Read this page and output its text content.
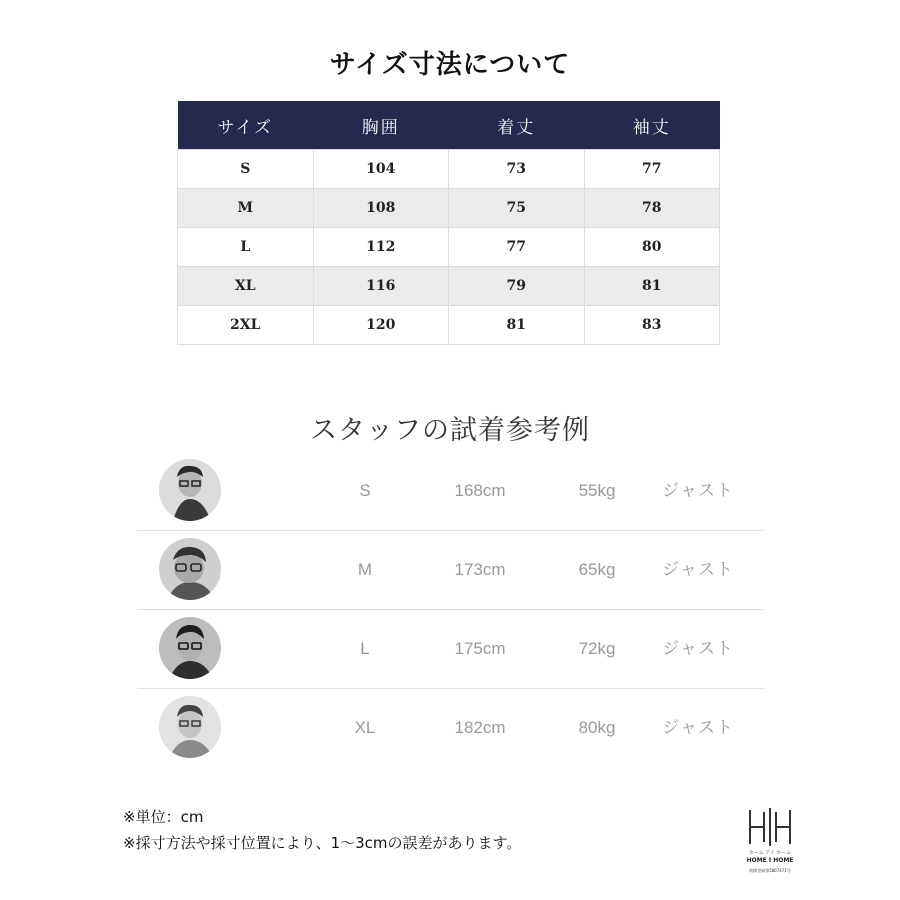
サイズ寸法について
サイズ	胸囲	着丈	袖丈
S	104	73	77
M	108	75	78
L	112	77	80
XL	116	79	81
2XL	120	81	83
スタッフの試着参考例
S	168cm	55kg	ジャスト
M	173cm	65kg	ジャスト
L	175cm	72kg	ジャスト
XL	182cm	80kg	ジャスト
※単位：cm
※採寸方法や採寸位置により、1～3cmの誤差があります。
ホーム アイ ホーム
HOME I HOME
商標登録第5867471号
